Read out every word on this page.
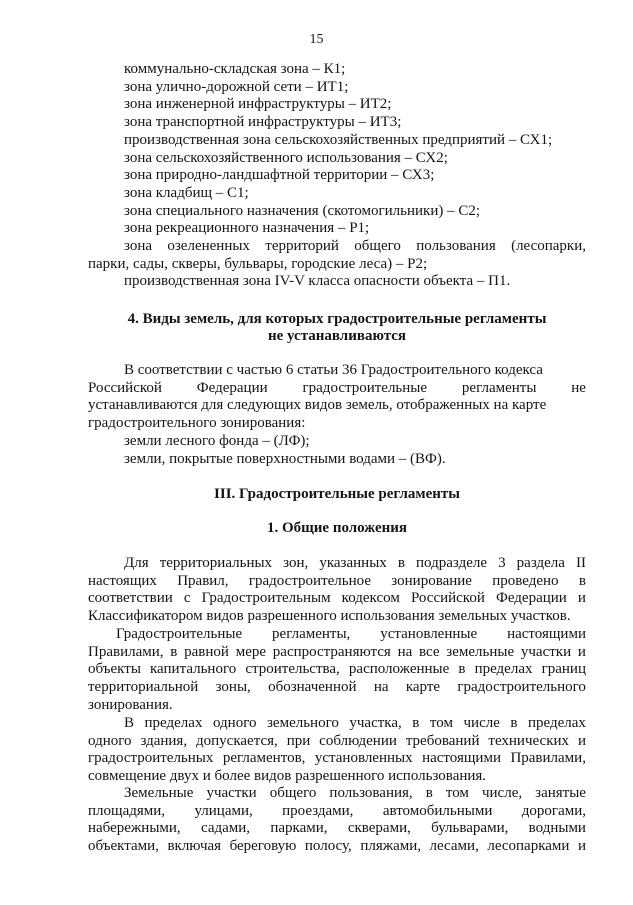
15
коммунально-складская зона – К1;
зона улично-дорожной сети – ИТ1;
зона инженерной инфраструктуры – ИТ2;
зона транспортной инфраструктуры – ИТ3;
производственная зона сельскохозяйственных предприятий – СХ1;
зона сельскохозяйственного использования – СХ2;
зона природно-ландшафтной территории – СХ3;
зона кладбищ – С1;
зона специального назначения (скотомогильники) – С2;
зона рекреационного назначения – Р1;
зона озелененных территорий общего пользования (лесопарки,
парки, сады, скверы, бульвары, городские леса) – Р2;
производственная зона IV-V класса опасности объекта – П1.
4. Виды земель, для которых градостроительные регламенты
не устанавливаются
В соответствии с частью 6 статьи 36 Градостроительного кодекса
Российской Федерации градостроительные регламенты не
устанавливаются для следующих видов земель, отображенных на карте
градостроительного зонирования:
земли лесного фонда – (ЛФ);
земли, покрытые поверхностными водами – (ВФ).
III. Градостроительные регламенты
1. Общие положения
Для территориальных зон, указанных в подразделе 3 раздела II
настоящих Правил, градостроительное зонирование проведено в
соответствии с Градостроительным кодексом Российской Федерации и
Классификатором видов разрешенного использования земельных участков.
Градостроительные регламенты, установленные настоящими
Правилами, в равной мере распространяются на все земельные участки и
объекты капитального строительства, расположенные в пределах границ
территориальной зоны, обозначенной на карте градостроительного
зонирования.
В пределах одного земельного участка, в том числе в пределах
одного здания, допускается, при соблюдении требований технических и
градостроительных регламентов, установленных настоящими Правилами,
совмещение двух и более видов разрешенного использования.
Земельные участки общего пользования, в том числе, занятые
площадями, улицами, проездами, автомобильными дорогами,
набережными, садами, парками, скверами, бульварами, водными
объектами, включая береговую полосу, пляжами, лесами, лесопарками и
